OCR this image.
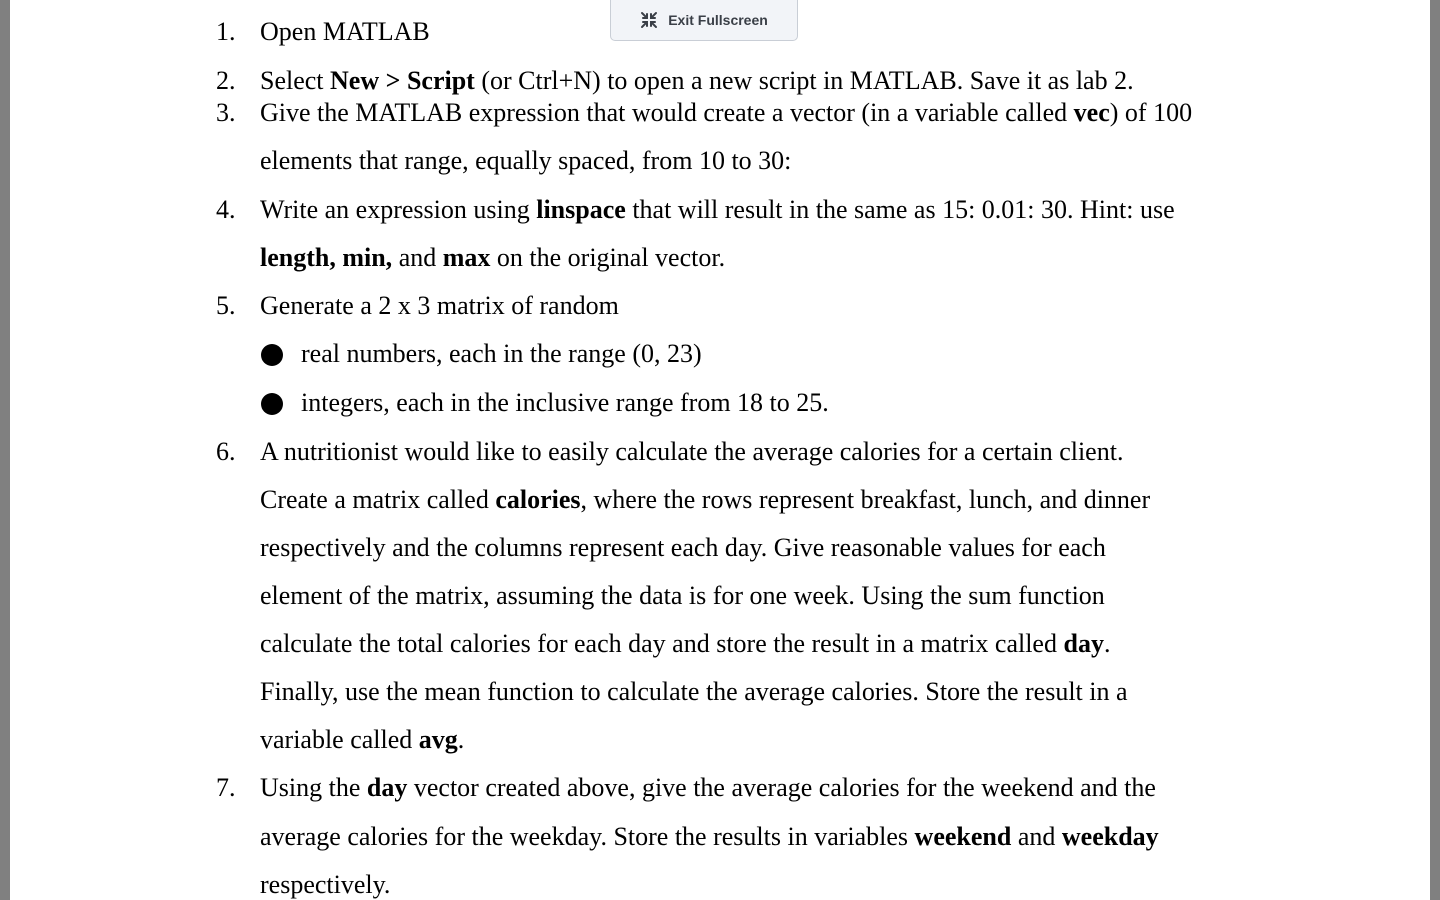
1. Open MATLAB
2. Select New > Script (or Ctrl+N) to open a new script in MATLAB. Save it as lab 2.
3. Give the MATLAB expression that would create a vector (in a variable called vec) of 100
elements that range, equally spaced, from 10 to 30:
4. Write an expression using linspace that will result in the same as 15: 0.01: 30. Hint: use
length, min, and max on the original vector.
5. Generate a 2 x 3 matrix of random
real numbers, each in the range (0, 23)
integers, each in the inclusive range from 18 to 25.
6. A nutritionist would like to easily calculate the average calories for a certain client.
Create a matrix called calories, where the rows represent breakfast, lunch, and dinner
respectively and the columns represent each day. Give reasonable values for each
element of the matrix, assuming the data is for one week. Using the sum function
calculate the total calories for each day and store the result in a matrix called day.
Finally, use the mean function to calculate the average calories. Store the result in a
variable called avg.
7. Using the day vector created above, give the average calories for the weekend and the
average calories for the weekday. Store the results in variables weekend and weekday
respectively.
Exit Fullscreen
